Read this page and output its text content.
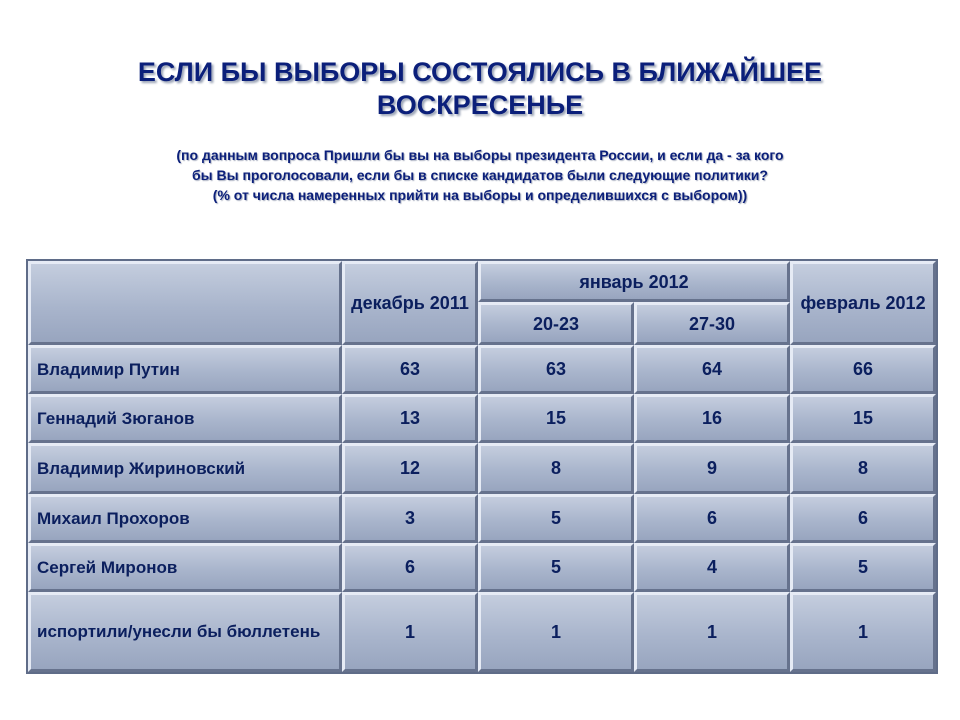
ЕСЛИ БЫ ВЫБОРЫ СОСТОЯЛИСЬ В БЛИЖАЙШЕЕ
ВОСКРЕСЕНЬЕ
(по данным вопроса Пришли бы вы на выборы президента России, и если да - за кого
бы Вы проголосовали, если бы в списке кандидатов были следующие политики?
(% от числа намеренных прийти на выборы и определившихся с выбором))
	декабрь 2011	январь 2012		февраль 2012
		20-23	27-30	
Владимир Путин	63	63	64	66
Геннадий Зюганов	13	15	16	15
Владимир Жириновский	12	8	9	8
Михаил Прохоров	3	5	6	6
Сергей Миронов	6	5	4	5
испортили/унесли бы бюллетень	1	1	1	1
